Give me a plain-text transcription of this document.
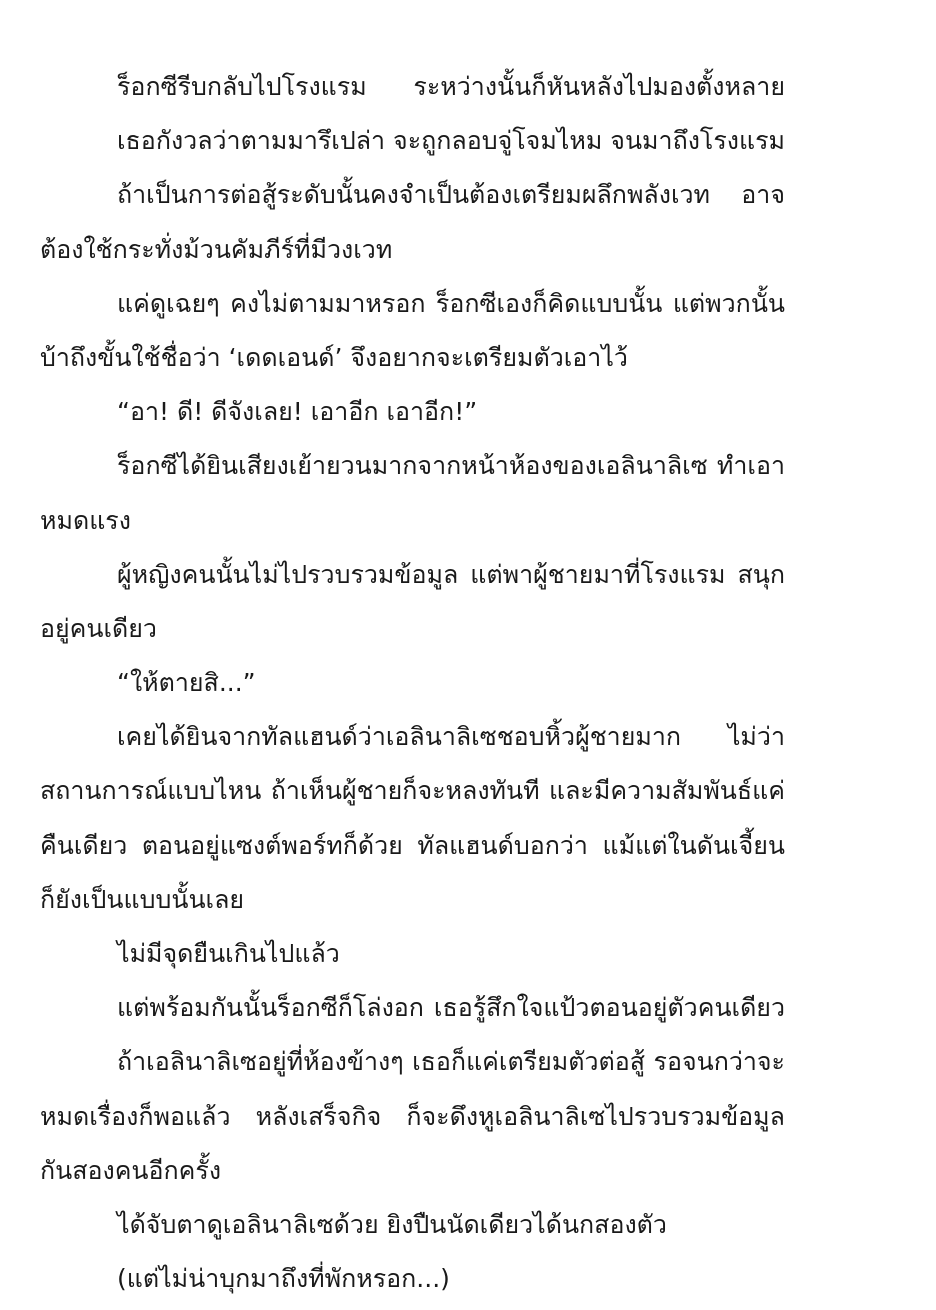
ร็อกซีรีบกลับไปโรงแรม ระหว่างนั้นก็หันหลังไปมองตั้งหลาย
เธอกังวลว่าตามมารึเปล่า จะถูกลอบจู่โจมไหม จนมาถึงโรงแรม
ถ้าเป็นการต่อสู้ระดับนั้นคงจำเป็นต้องเตรียมผลึกพลังเวท อาจ
ต้องใช้กระทั่งม้วนคัมภีร์ที่มีวงเวท
แค่ดูเฉยๆ คงไม่ตามมาหรอก ร็อกซีเองก็คิดแบบนั้น แต่พวกนั้น
บ้าถึงขั้นใช้ชื่อว่า ‘เดดเอนด์’ จึงอยากจะเตรียมตัวเอาไว้
“อา! ดี! ดีจังเลย! เอาอีก เอาอีก!”
ร็อกซีได้ยินเสียงเย้ายวนมากจากหน้าห้องของเอลินาลิเซ ทำเอา
หมดแรง
ผู้หญิงคนนั้นไม่ไปรวบรวมข้อมูล แต่พาผู้ชายมาที่โรงแรม สนุก
อยู่คนเดียว
“ให้ตายสิ...”
เคยได้ยินจากทัลแฮนด์ว่าเอลินาลิเซชอบหิ้วผู้ชายมาก ไม่ว่า
สถานการณ์แบบไหน ถ้าเห็นผู้ชายก็จะหลงทันที และมีความสัมพันธ์แค่
คืนเดียว ตอนอยู่แซงต์พอร์ทก็ด้วย ทัลแฮนด์บอกว่า แม้แต่ในดันเจี้ยน
ก็ยังเป็นแบบนั้นเลย
ไม่มีจุดยืนเกินไปแล้ว
แต่พร้อมกันนั้นร็อกซีก็โล่งอก เธอรู้สึกใจแป้วตอนอยู่ตัวคนเดียว
ถ้าเอลินาลิเซอยู่ที่ห้องข้างๆ เธอก็แค่เตรียมตัวต่อสู้ รอจนกว่าจะ
หมดเรื่องก็พอแล้ว หลังเสร็จกิจ ก็จะดึงหูเอลินาลิเซไปรวบรวมข้อมูล
กันสองคนอีกครั้ง
ได้จับตาดูเอลินาลิเซด้วย ยิงปืนนัดเดียวได้นกสองตัว
(แต่ไม่น่าบุกมาถึงที่พักหรอก...)
